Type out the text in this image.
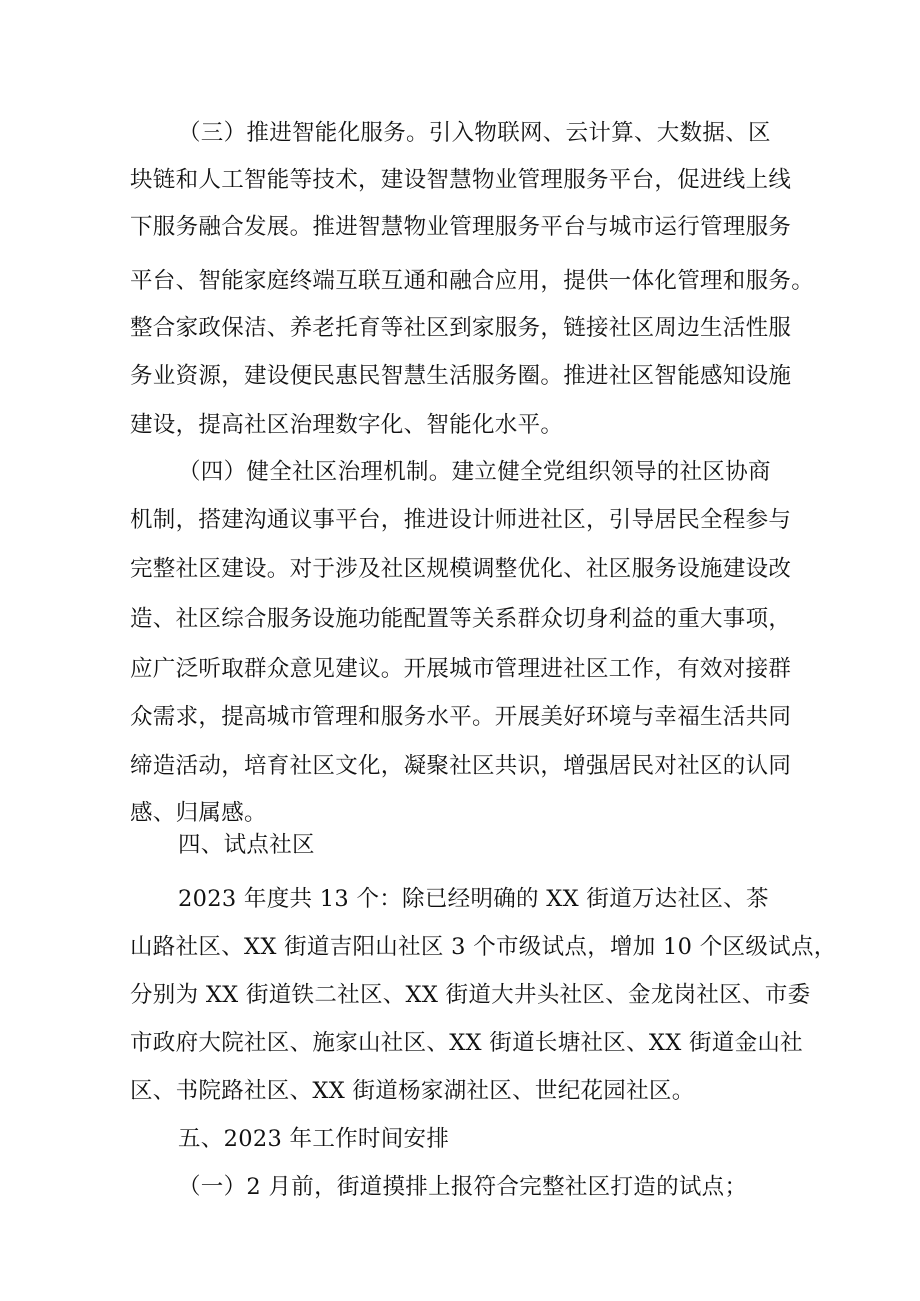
（三）推进智能化服务。引入物联网、云计算、大数据、区
块链和人工智能等技术，建设智慧物业管理服务平台，促进线上线
下服务融合发展。推进智慧物业管理服务平台与城市运行管理服务
平台、智能家庭终端互联互通和融合应用，提供一体化管理和服务。
整合家政保洁、养老托育等社区到家服务，链接社区周边生活性服
务业资源，建设便民惠民智慧生活服务圈。推进社区智能感知设施
建设，提高社区治理数字化、智能化水平。
（四）健全社区治理机制。建立健全党组织领导的社区协商
机制，搭建沟通议事平台，推进设计师进社区，引导居民全程参与
完整社区建设。对于涉及社区规模调整优化、社区服务设施建设改
造、社区综合服务设施功能配置等关系群众切身利益的重大事项，
应广泛听取群众意见建议。开展城市管理进社区工作，有效对接群
众需求，提高城市管理和服务水平。开展美好环境与幸福生活共同
缔造活动，培育社区文化，凝聚社区共识，增强居民对社区的认同
感、归属感。
四、试点社区
2023 年度共 13 个：除已经明确的 XX 街道万达社区、茶
山路社区、XX 街道吉阳山社区 3 个市级试点，增加 10 个区级试点，
分别为 XX 街道铁二社区、XX 街道大井头社区、金龙岗社区、市委
市政府大院社区、施家山社区、XX 街道长塘社区、XX 街道金山社
区、书院路社区、XX 街道杨家湖社区、世纪花园社区。
五、2023 年工作时间安排
（一）2 月前，街道摸排上报符合完整社区打造的试点；
